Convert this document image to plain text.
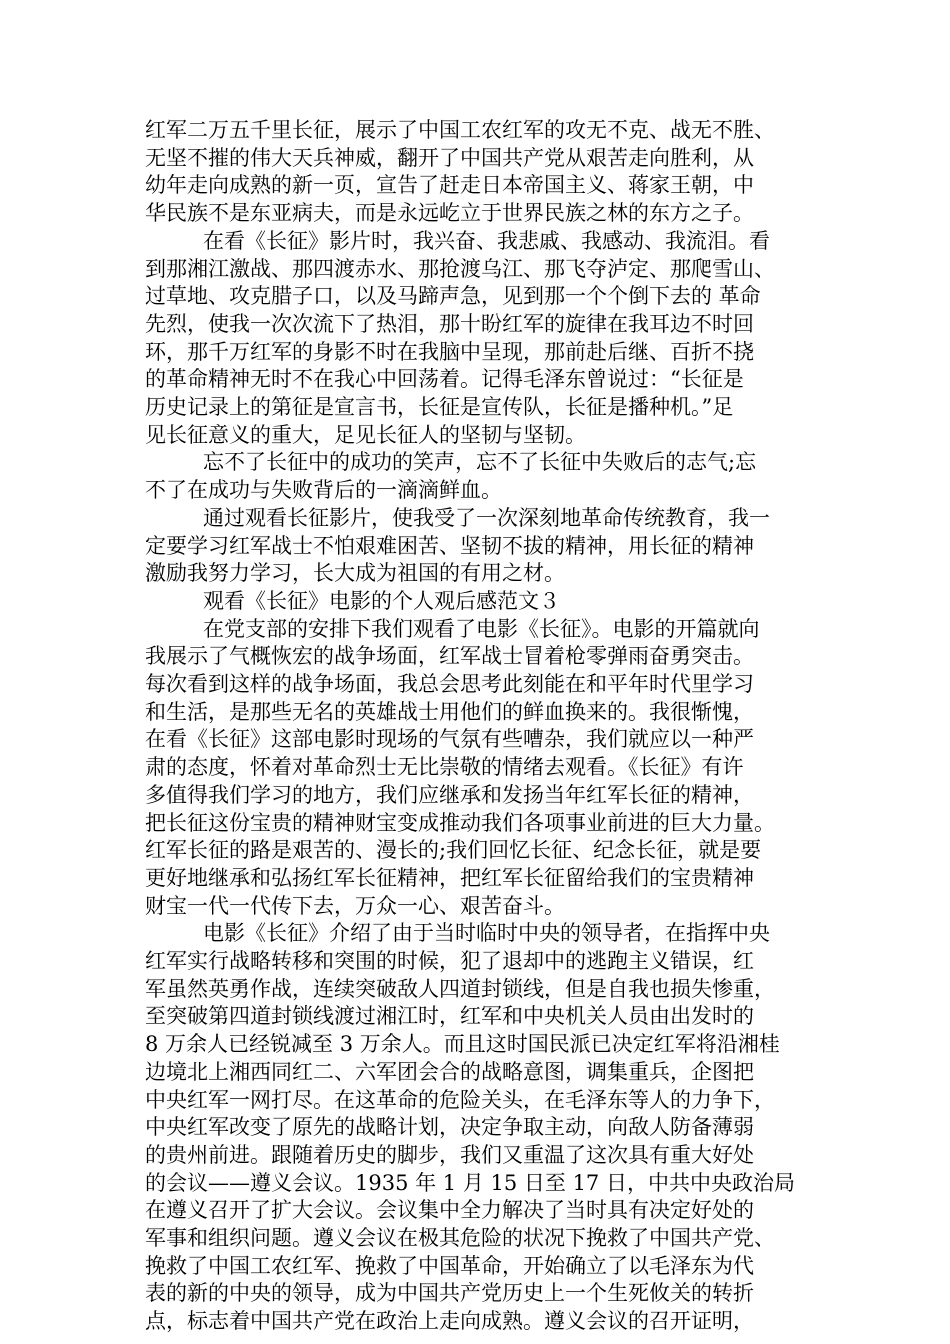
红军二万五千里长征，展示了中国工农红军的攻无不克、战无不胜、
无坚不摧的伟大天兵神威，翻开了中国共产党从艰苦走向胜利，从
幼年走向成熟的新一页，宣告了赶走日本帝国主义、蒋家王朝，中
华民族不是东亚病夫，而是永远屹立于世界民族之林的东方之子。
在看《长征》影片时，我兴奋、我悲戚、我感动、我流泪。看
到那湘江激战、那四渡赤水、那抢渡乌江、那飞夺泸定、那爬雪山、
过草地、攻克腊子口，以及马蹄声急，见到那一个个倒下去的 革命
先烈，使我一次次流下了热泪，那十盼红军的旋律在我耳边不时回
环，那千万红军的身影不时在我脑中呈现，那前赴后继、百折不挠
的革命精神无时不在我心中回荡着。记得毛泽东曾说过：“长征是
历史记录上的第征是宣言书，长征是宣传队，长征是播种机。”足
见长征意义的重大，足见长征人的坚韧与坚韧。
忘不了长征中的成功的笑声，忘不了长征中失败后的志气;忘
不了在成功与失败背后的一滴滴鲜血。
通过观看长征影片，使我受了一次深刻地革命传统教育，我一
定要学习红军战士不怕艰难困苦、坚韧不拔的精神，用长征的精神
激励我努力学习，长大成为祖国的有用之材。
观看《长征》电影的个人观后感范文３
在党支部的安排下我们观看了电影《长征》。电影的开篇就向
我展示了气概恢宏的战争场面，红军战士冒着枪零弹雨奋勇突击。
每次看到这样的战争场面，我总会思考此刻能在和平年时代里学习
和生活，是那些无名的英雄战士用他们的鲜血换来的。我很惭愧，
在看《长征》这部电影时现场的气氛有些嘈杂，我们就应以一种严
肃的态度，怀着对革命烈士无比崇敬的情绪去观看。《长征》有许
多值得我们学习的地方，我们应继承和发扬当年红军长征的精神，
把长征这份宝贵的精神财宝变成推动我们各项事业前进的巨大力量。
红军长征的路是艰苦的、漫长的;我们回忆长征、纪念长征，就是要
更好地继承和弘扬红军长征精神，把红军长征留给我们的宝贵精神
财宝一代一代传下去，万众一心、艰苦奋斗。
电影《长征》介绍了由于当时临时中央的领导者，在指挥中央
红军实行战略转移和突围的时候，犯了退却中的逃跑主义错误，红
军虽然英勇作战，连续突破敌人四道封锁线，但是自我也损失惨重，
至突破第四道封锁线渡过湘江时，红军和中央机关人员由出发时的
8 万余人已经锐减至 3 万余人。而且这时国民派已决定红军将沿湘桂
边境北上湘西同红二、六军团会合的战略意图，调集重兵，企图把
中央红军一网打尽。在这革命的危险关头，在毛泽东等人的力争下，
中央红军改变了原先的战略计划，决定争取主动，向敌人防备薄弱
的贵州前进。跟随着历史的脚步，我们又重温了这次具有重大好处
的会议——遵义会议。1935 年 1 月 15 日至 17 日，中共中央政治局
在遵义召开了扩大会议。会议集中全力解决了当时具有决定好处的
军事和组织问题。遵义会议在极其危险的状况下挽救了中国共产党、
挽救了中国工农红军、挽救了中国革命，开始确立了以毛泽东为代
表的新的中央的领导，成为中国共产党历史上一个生死攸关的转折
点，标志着中国共产党在政治上走向成熟。遵义会议的召开证明，
